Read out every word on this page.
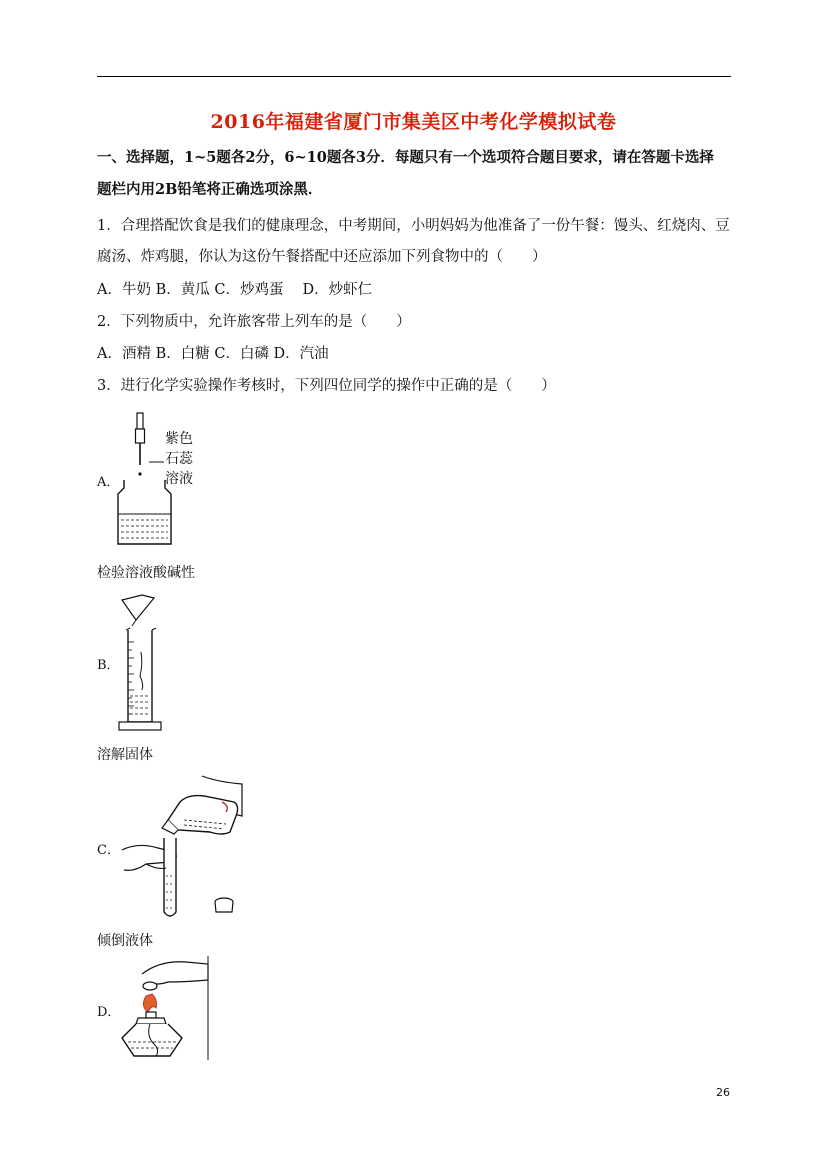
2016年福建省厦门市集美区中考化学模拟试卷
一、选择题，1~5题各2分，6~10题各3分．每题只有一个选项符合题目要求，请在答题卡选择
题栏内用2B铅笔将正确选项涂黑．
1．合理搭配饮食是我们的健康理念，中考期间，小明妈妈为他准备了一份午餐：馒头、红烧肉、豆
腐汤、炸鸡腿，你认为这份午餐搭配中还应添加下列食物中的（　　）
A．牛奶 B．黄瓜 C．炒鸡蛋　 D．炒虾仁
2．下列物质中，允许旅客带上列车的是（　　）
A．酒精 B．白糖 C．白磷 D．汽油
3．进行化学实验操作考核时，下列四位同学的操作中正确的是（　　）
A．
紫色
石蕊
溶液
检验溶液酸碱性
B．
溶解固体
C．
倾倒液体
D．
26
